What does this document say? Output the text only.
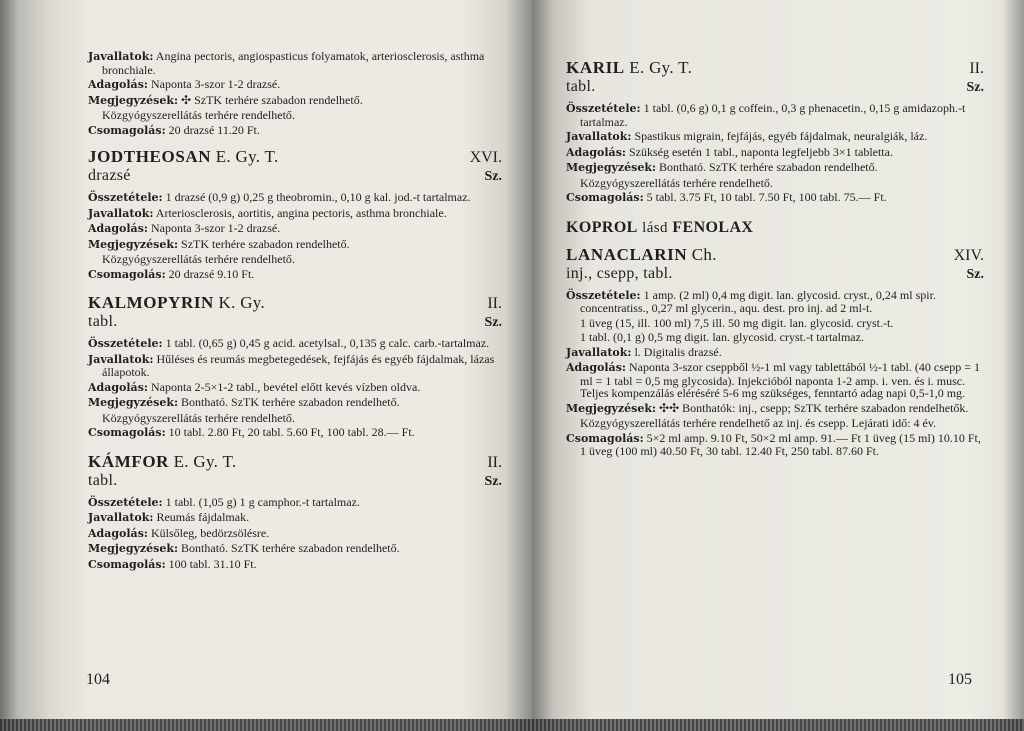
Javallatok: Angina pectoris, angiospasticus folyamatok, arteriosclerosis, asthma bronchiale.

Adagolás: Naponta 3-szor 1-2 drazsé.

Megjegyzések: ✣ SzTK terhére szabadon rendelhető.

Közgyógyszerellátás terhére rendelhető.

Csomagolás: 20 drazsé 11.20 Ft.

JODTHEOSAN E. Gy. T.	XVI.
drazsé	Sz.

Összetétele: 1 drazsé (0,9 g) 0,25 g theobromin., 0,10 g kal. jod.-t tartalmaz.

Javallatok: Arteriosclerosis, aortitis, angina pectoris, asthma bronchiale.

Adagolás: Naponta 3-szor 1-2 drazsé.

Megjegyzések: SzTK terhére szabadon rendelhető.

Közgyógyszerellátás terhére rendelhető.

Csomagolás: 20 drazsé 9.10 Ft.

KALMOPYRIN K. Gy.	II.
tabl.	Sz.

Összetétele: 1 tabl. (0,65 g) 0,45 g acid. acetylsal., 0,135 g calc. carb.-tartalmaz.

Javallatok: Hűléses és reumás megbetegedések, fejfájás és egyéb fájdalmak, lázas állapotok.

Adagolás: Naponta 2-5×1-2 tabl., bevétel előtt kevés vízben oldva.

Megjegyzések: Bontható. SzTK terhére szabadon rendelhető.

Közgyógyszerellátás terhére rendelhető.

Csomagolás: 10 tabl. 2.80 Ft, 20 tabl. 5.60 Ft, 100 tabl. 28.— Ft.

KÁMFOR E. Gy. T.	II.
tabl.	Sz.

Összetétele: 1 tabl. (1,05 g) 1 g camphor.-t tartalmaz.

Javallatok: Reumás fájdalmak.

Adagolás: Külsőleg, bedörzsölésre.

Megjegyzések: Bontható. SzTK terhére szabadon rendelhető.

Csomagolás: 100 tabl. 31.10 Ft.

104
KARIL E. Gy. T.	II.
tabl.	Sz.

Összetétele: 1 tabl. (0,6 g) 0,1 g coffein., 0,3 g phenacetin., 0,15 g amidazoph.-t tartalmaz.

Javallatok: Spastikus migrain, fejfájás, egyéb fájdalmak, neuralgiák, láz.

Adagolás: Szükség esetén 1 tabl., naponta legfeljebb 3×1 tabletta.

Megjegyzések: Bontható. SzTK terhére szabadon rendelhető.

Közgyógyszerellátás terhére rendelhető.

Csomagolás: 5 tabl. 3.75 Ft, 10 tabl. 7.50 Ft, 100 tabl. 75.— Ft.

KOPROL lásd FENOLAX
LANACLARIN Ch.	XIV.
inj., csepp, tabl.	Sz.

Összetétele: 1 amp. (2 ml) 0,4 mg digit. lan. glycosid. cryst., 0,24 ml spir. concentratiss., 0,27 ml glycerin., aqu. dest. pro inj. ad 2 ml-t.

1 üveg (15, ill. 100 ml) 7,5 ill. 50 mg digit. lan. glycosid. cryst.-t.

1 tabl. (0,1 g) 0,5 mg digit. lan. glycosid. cryst.-t tartalmaz.

Javallatok: l. Digitalis drazsé.

Adagolás: Naponta 3-szor cseppből ½-1 ml vagy tablettából ½-1 tabl. (40 csepp = 1 ml = 1 tabl = 0,5 mg glycosida). Injekcióból naponta 1-2 amp. i. ven. és i. musc. Teljes kompenzálás eléréséré 5-6 mg szükséges, fenntartó adag napi 0,5-1,0 mg.

Megjegyzések: ✣✣ Bonthatók: inj., csepp; SzTK terhére szabadon rendelhetők.

Közgyógyszerellátás terhére rendelhető az inj. és csepp. Lejárati idő: 4 év.

Csomagolás: 5×2 ml amp. 9.10 Ft, 50×2 ml amp. 91.— Ft 1 üveg (15 ml) 10.10 Ft, 1 üveg (100 ml) 40.50 Ft, 30 tabl. 12.40 Ft, 250 tabl. 87.60 Ft.

105
